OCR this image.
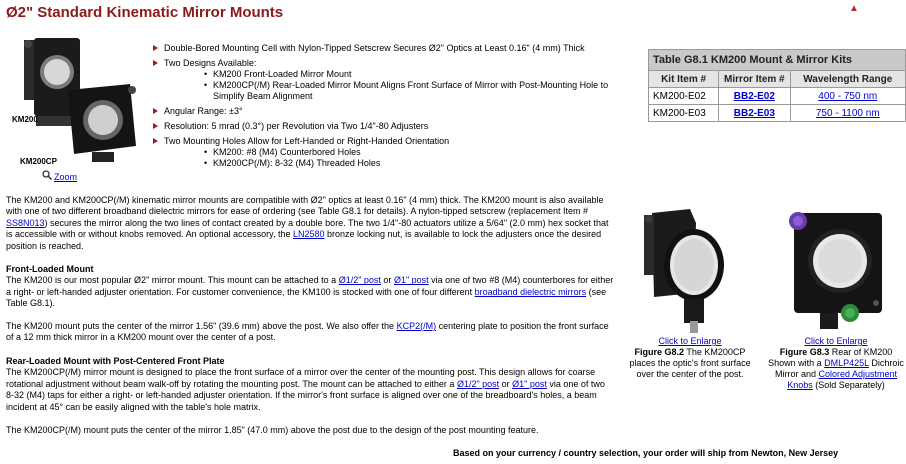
Ø2" Standard Kinematic Mirror Mounts	▲
KM200
KM200CP
Zoom
Double-Bored Mounting Cell with Nylon-Tipped Setscrew Secures Ø2" Optics at Least 0.16" (4 mm) Thick
Two Designs Available:
• KM200 Front-Loaded Mirror Mount
• KM200CP(/M) Rear-Loaded Mirror Mount Aligns Front Surface of Mirror with Post-Mounting Hole to Simplify Beam Alignment
Angular Range: ±3°
Resolution: 5 mrad (0.3°) per Revolution via Two 1/4"-80 Adjusters
Two Mounting Holes Allow for Left-Handed or Right-Handed Orientation
• KM200: #8 (M4) Counterbored Holes
• KM200CP(/M): 8-32 (M4) Threaded Holes
Table G8.1 KM200 Mount & Mirror Kits		
Kit Item #	Mirror Item #	Wavelength Range
KM200-E02	BB2-E02	400 - 750 nm
KM200-E03	BB2-E03	750 - 1100 nm

The KM200 and KM200CP(/M) kinematic mirror mounts are compatible with Ø2" optics at least 0.16" (4 mm) thick. The KM200 mount is also available with one of two different broadband dielectric mirrors for ease of ordering (see Table G8.1 for details). A nylon-tipped setscrew (replacement Item # SS8N013) secures the mirror along the two lines of contact created by a double bore. The two 1/4"-80 actuators utilize a 5/64" (2.0 mm) hex socket that is accessible with or without knobs removed. An optional accessory, the LN2580 bronze locking nut, is available to lock the adjusters once the desired position is reached.

Front-Loaded Mount

The KM200 is our most popular Ø2" mirror mount. This mount can be attached to a Ø1/2" post or Ø1" post via one of two #8 (M4) counterbores for either a right- or left-handed adjuster orientation. For customer convenience, the KM100 is stocked with one of four different broadband dielectric mirrors (see Table G8.1).

The KM200 mount puts the center of the mirror 1.56" (39.6 mm) above the post. We also offer the KCP2(/M) centering plate to position the front surface of a 12 mm thick mirror in a KM200 mount over the center of a post.

Rear-Loaded Mount with Post-Centered Front Plate

The KM200CP(/M) mirror mount is designed to place the front surface of a mirror over the center of the mounting post. This design allows for coarse rotational adjustment without beam walk-off by rotating the mounting post. The mount can be attached to either a Ø1/2" post or Ø1" post via one of two 8-32 (M4) taps for either a right- or left-handed adjuster orientation. If the mirror's front surface is aligned over one of the breadboard's holes, a beam incident at 45° can be easily aligned with the table's hole matrix.

The KM200CP(/M) mount puts the center of the mirror 1.85" (47.0 mm) above the post due to the design of the post mounting feature.

Click to Enlarge
Figure G8.2 The KM200CP places the optic's front surface over the center of the post.
Click to Enlarge
Figure G8.3 Rear of KM200 Shown with a DMLP425L Dichroic Mirror and Colored Adjustment Knobs (Sold Separately)
Based on your currency / country selection, your order will ship from Newton, New Jersey
